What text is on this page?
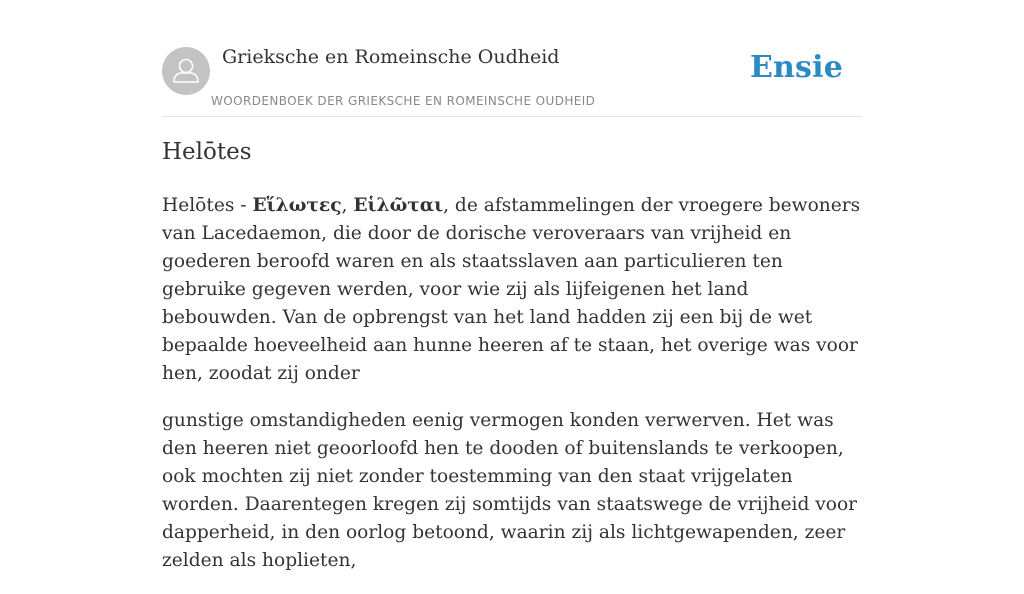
Grieksche en Romeinsche Oudheid
WOORDENBOEK DER GRIEKSCHE EN ROMEINSCHE OUDHEID
Ensie
Helōtes

Helōtes - Εἵλωτες, Εἱλῶται, de afstammelingen der vroegere bewoners van Lacedaemon, die door de dorische veroveraars van vrijheid en goederen beroofd waren en als staatsslaven aan particulieren ten gebruike gegeven werden, voor wie zij als lijfeigenen het land bebouwden. Van de opbrengst van het land hadden zij een bij de wet bepaalde hoeveelheid aan hunne heeren af te staan, het overige was voor hen, zoodat zij onder

gunstige omstandigheden eenig vermogen konden verwerven. Het was den heeren niet geoorloofd hen te dooden of buitenslands te verkoopen, ook mochten zij niet zonder toestemming van den staat vrijgelaten worden. Daarentegen kregen zij somtijds van staatswege de vrijheid voor dapperheid, in den oorlog betoond, waarin zij als lichtgewapenden, zeer zelden als hoplieten,
